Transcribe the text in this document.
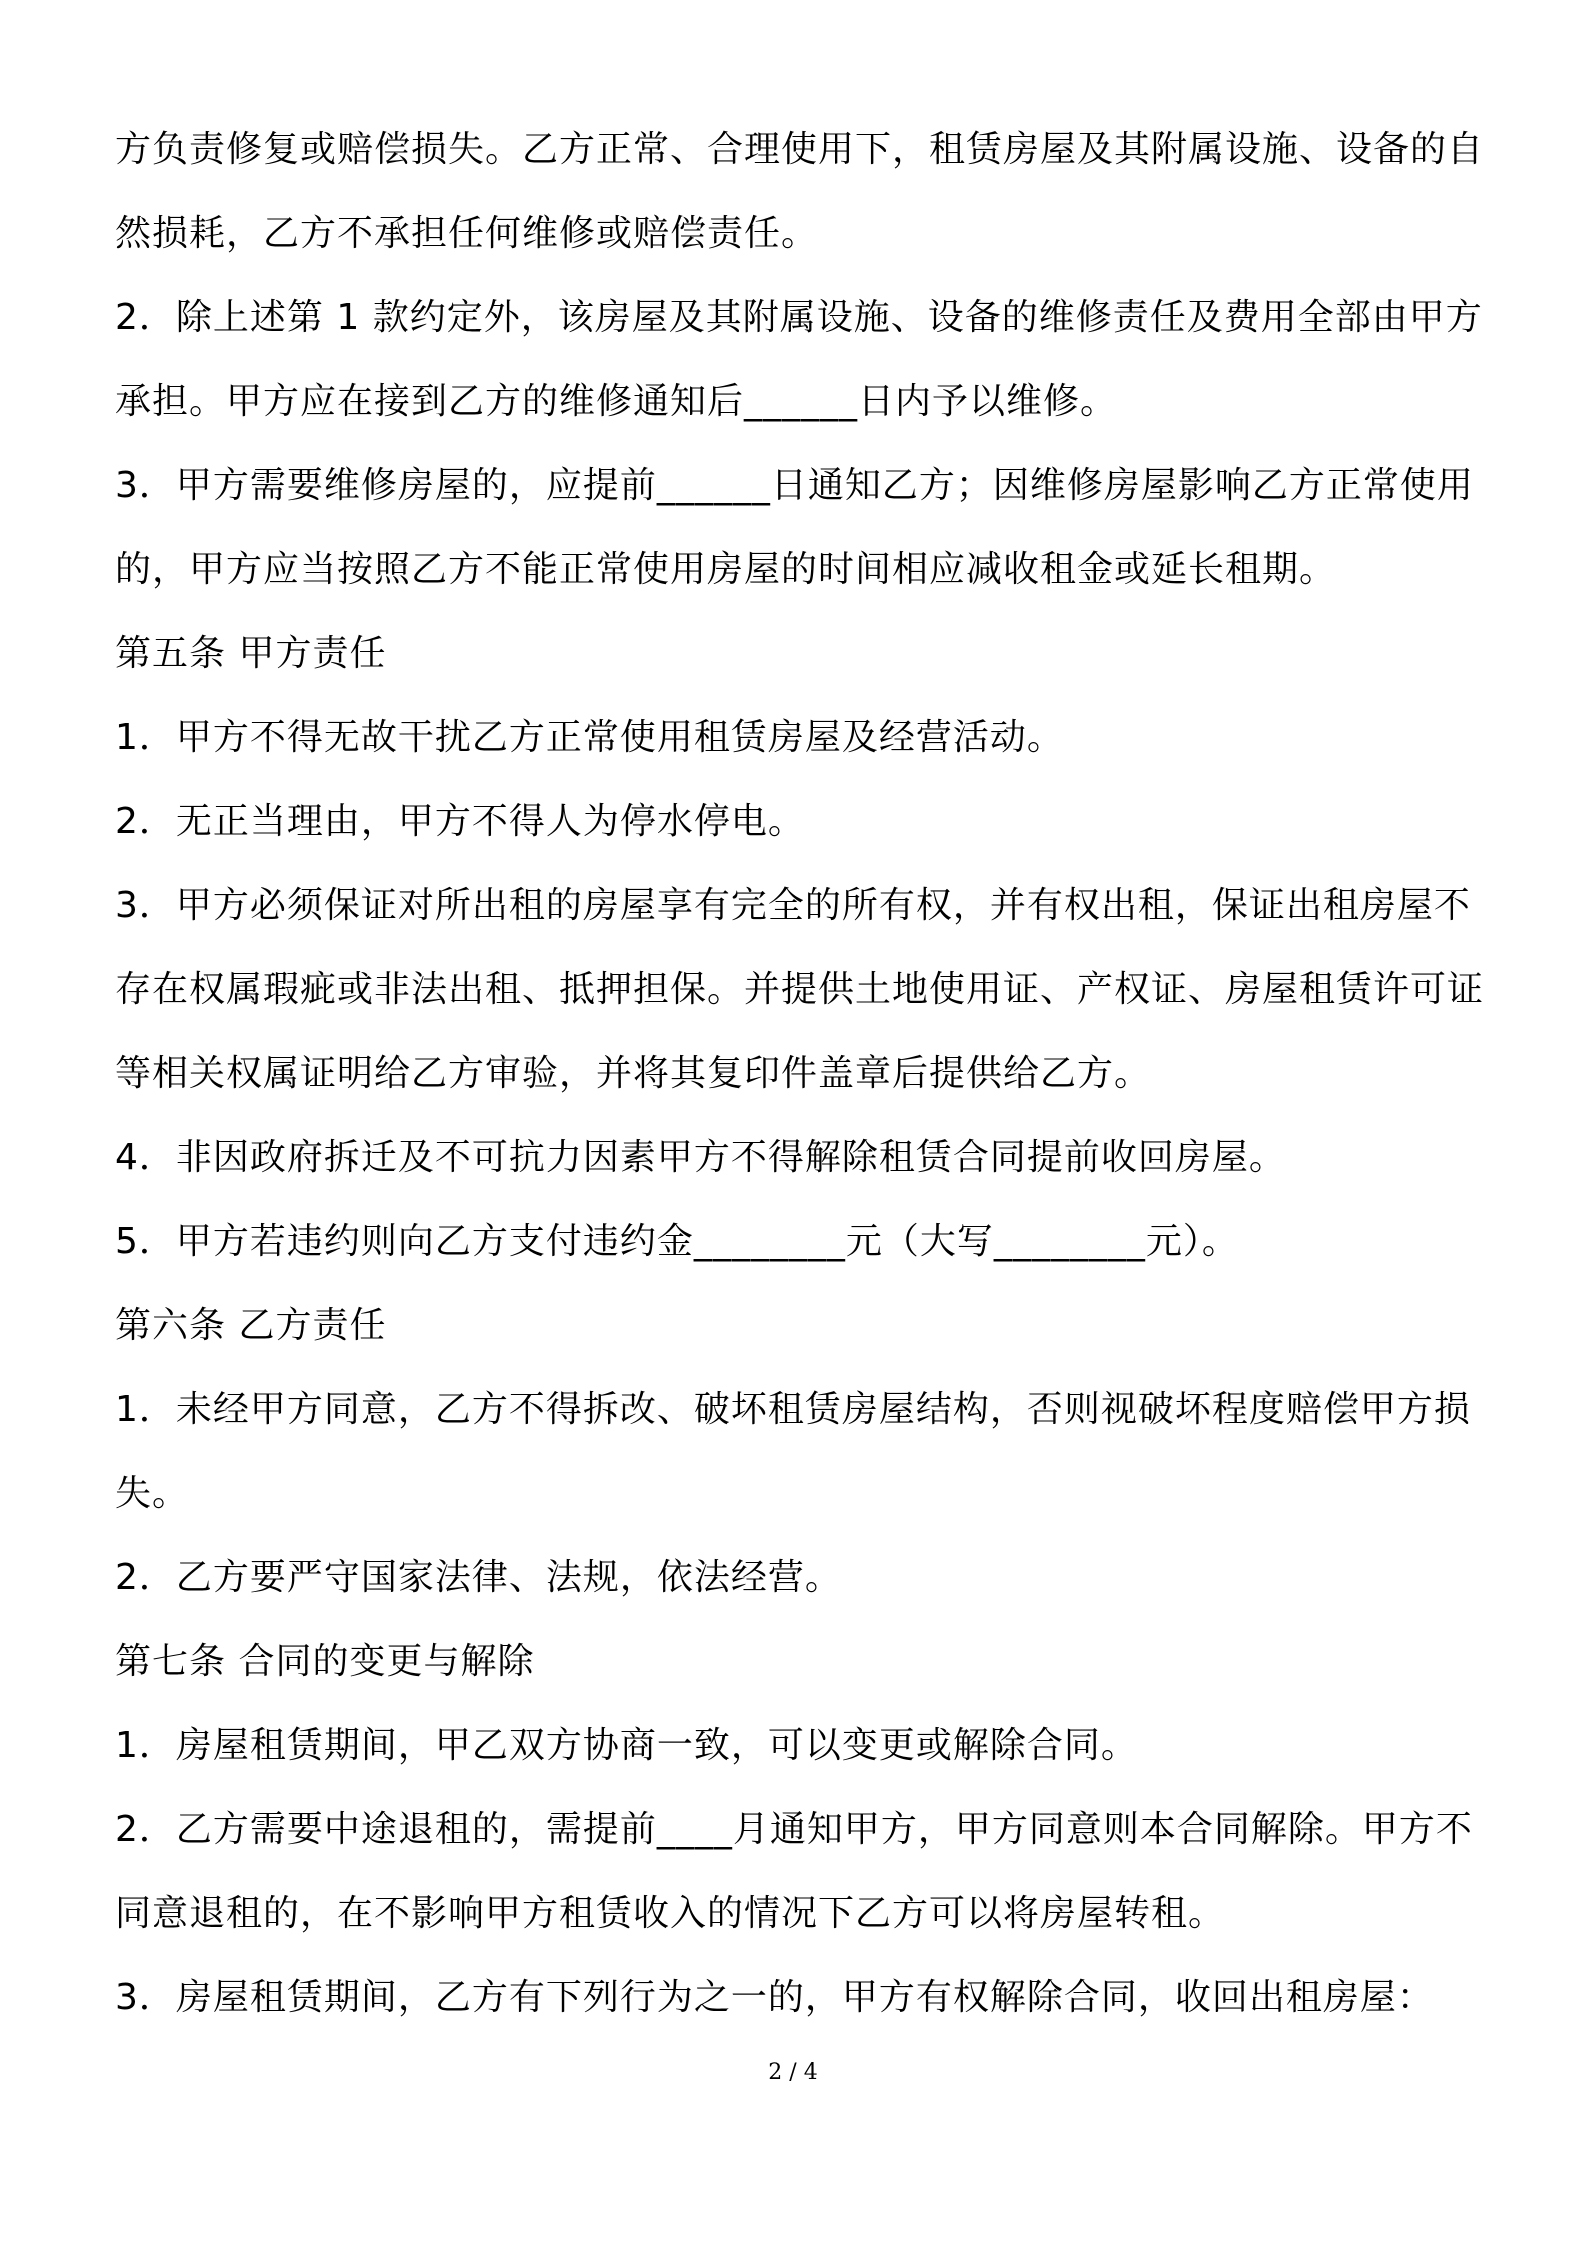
方负责修复或赔偿损失。乙方正常、合理使用下，租赁房屋及其附属设施、设备的自然损耗，乙方不承担任何维修或赔偿责任。

2．除上述第 1 款约定外，该房屋及其附属设施、设备的维修责任及费用全部由甲方承担。甲方应在接到乙方的维修通知后______日内予以维修。

3．甲方需要维修房屋的，应提前______日通知乙方；因维修房屋影响乙方正常使用的，甲方应当按照乙方不能正常使用房屋的时间相应减收租金或延长租期。

第五条 甲方责任

1．甲方不得无故干扰乙方正常使用租赁房屋及经营活动。

2．无正当理由，甲方不得人为停水停电。

3．甲方必须保证对所出租的房屋享有完全的所有权，并有权出租，保证出租房屋不存在权属瑕疵或非法出租、抵押担保。并提供土地使用证、产权证、房屋租赁许可证等相关权属证明给乙方审验，并将其复印件盖章后提供给乙方。

4．非因政府拆迁及不可抗力因素甲方不得解除租赁合同提前收回房屋。

5．甲方若违约则向乙方支付违约金________元（大写________元）。

第六条 乙方责任

1．未经甲方同意，乙方不得拆改、破坏租赁房屋结构，否则视破坏程度赔偿甲方损失。

2．乙方要严守国家法律、法规，依法经营。

第七条 合同的变更与解除

1．房屋租赁期间，甲乙双方协商一致，可以变更或解除合同。

2．乙方需要中途退租的，需提前____月通知甲方，甲方同意则本合同解除。甲方不同意退租的，在不影响甲方租赁收入的情况下乙方可以将房屋转租。

3．房屋租赁期间，乙方有下列行为之一的，甲方有权解除合同，收回出租房屋：

2 / 4
